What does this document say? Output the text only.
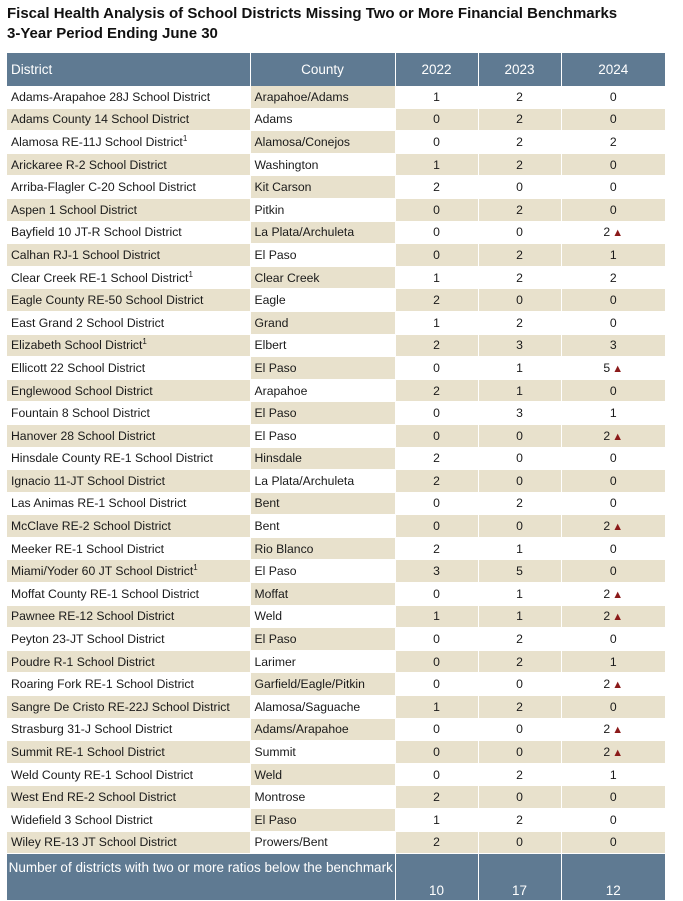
Fiscal Health Analysis of School Districts Missing Two or More Financial Benchmarks
3-Year Period Ending June 30
District	County	2022	2023	2024
Adams-Arapahoe 28J School District	Arapahoe/Adams	1	2	0
Adams County 14 School District	Adams	0	2	0
Alamosa RE-11J School District$^1$	Alamosa/Conejos	0	2	2
Arickaree R-2 School District	Washington	1	2	0
Arriba-Flagler C-20 School District	Kit Carson	2	0	0
Aspen 1 School District	Pitkin	0	2	0
Bayfield 10 JT-R School District	La Plata/Archuleta	0	0	2 ▲
Calhan RJ-1 School District	El Paso	0	2	1
Clear Creek RE-1 School District$^1$	Clear Creek	1	2	2
Eagle County RE-50 School District	Eagle	2	0	0
East Grand 2 School District	Grand	1	2	0
Elizabeth School District$^1$	Elbert	2	3	3
Ellicott 22 School District	El Paso	0	1	5 ▲
Englewood School District	Arapahoe	2	1	0
Fountain 8 School District	El Paso	0	3	1
Hanover 28 School District	El Paso	0	0	2 ▲
Hinsdale County RE-1 School District	Hinsdale	2	0	0
Ignacio 11-JT School District	La Plata/Archuleta	2	0	0
Las Animas RE-1 School District	Bent	0	2	0
McClave RE-2 School District	Bent	0	0	2 ▲
Meeker RE-1 School District	Rio Blanco	2	1	0
Miami/Yoder 60 JT School District$^1$	El Paso	3	5	0
Moffat County RE-1 School District	Moffat	0	1	2 ▲
Pawnee RE-12 School District	Weld	1	1	2 ▲
Peyton 23-JT School District	El Paso	0	2	0
Poudre R-1 School District	Larimer	0	2	1
Roaring Fork RE-1 School District	Garfield/Eagle/Pitkin	0	0	2 ▲
Sangre De Cristo RE-22J School District	Alamosa/Saguache	1	2	0
Strasburg 31-J School District	Adams/Arapahoe	0	0	2 ▲
Summit RE-1 School District	Summit	0	0	2 ▲
Weld County RE-1 School District	Weld	0	2	1
West End RE-2 School District	Montrose	2	0	0
Widefield 3 School District	El Paso	1	2	0
Wiley RE-13 JT School District	Prowers/Bent	2	0	0
Number of districts with two or more ratios below the benchmark		10	17	12
